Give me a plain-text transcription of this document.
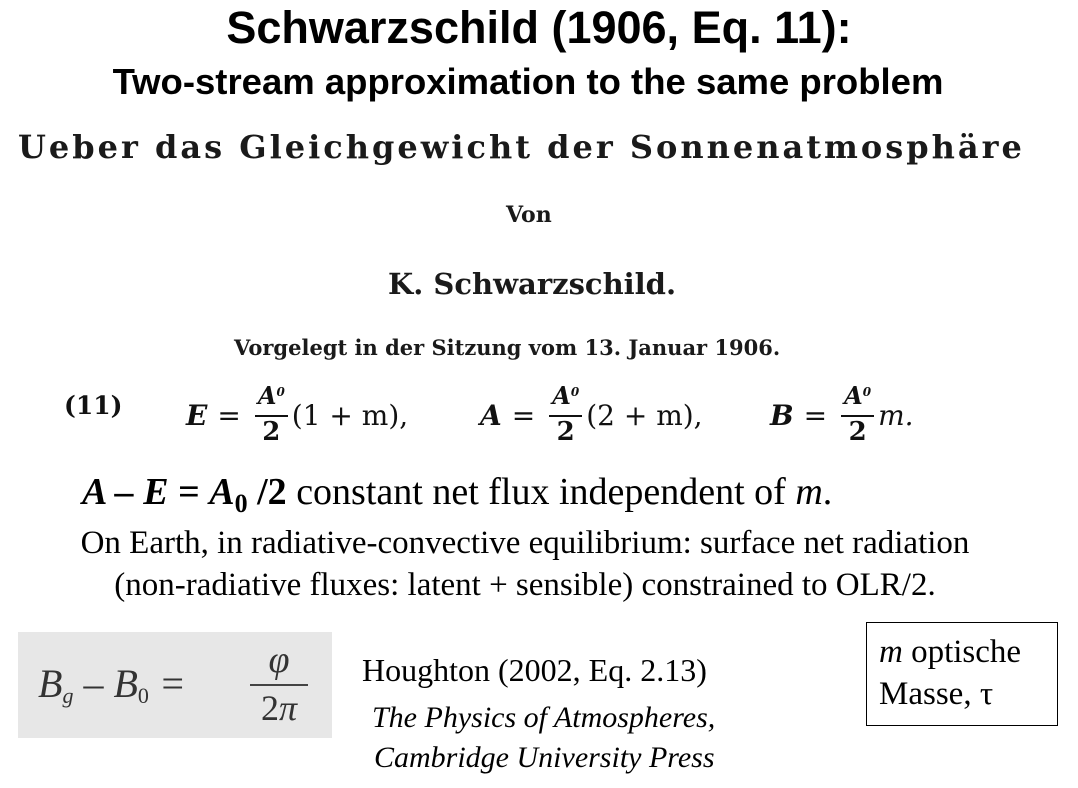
Schwarzschild (1906, Eq. 11):
Two-stream approximation to the same problem
Ueber das Gleichgewicht der Sonnenatmosphäre
Von
K. Schwarzschild.
Vorgelegt in der Sitzung vom 13. Januar 1906.
(11) $E = \frac{A_0}{2} (1 + m)$,	$A = \frac{A_0}{2} (2 + m)$, $B = \frac{A_0}{2} m$.
$A - E = A_0$ /2 constant net flux independent of m.
On Earth, in radiative-convective equilibrium: surface net radiation
(non-radiative fluxes: latent + sensible) constrained to OLR/2.
$B_g - B_0$ =
φ
2π
Houghton (2002, Eq. 2.13)
The Physics of Atmospheres,
Cambridge University Press
m optische
Masse, τ
